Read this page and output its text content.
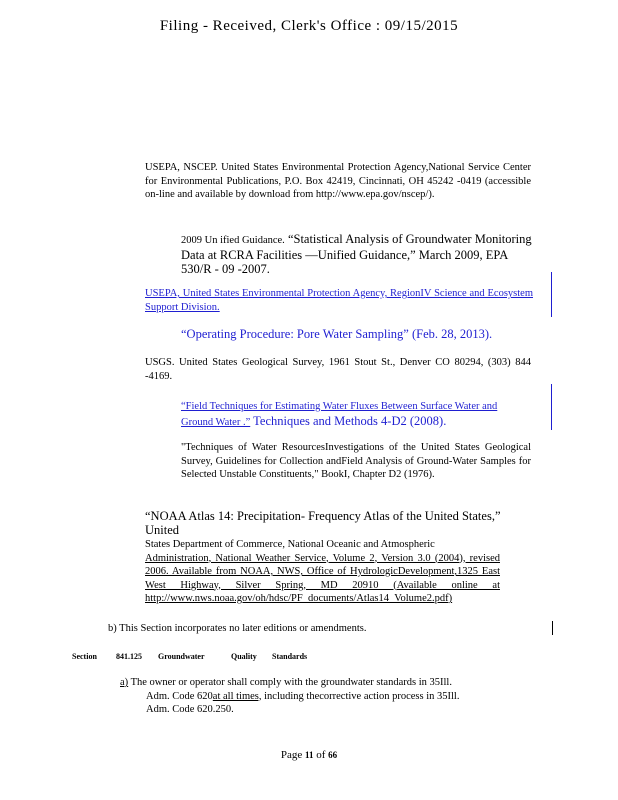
Filing - Received, Clerk's Office : 09/15/2015
USEPA, NSCEP. United States Environmental Protection Agency,National Service Center for Environmental Publications, P.O. Box 42419, Cincinnati, OH 45242 -0419 (accessible on-line and available by download from http://www.epa.gov/nscep/).
2009 Un ified Guidance. “Statistical Analysis of Groundwater Monitoring Data at RCRA Facilities —Unified Guidance,” March 2009, EPA 530/R - 09 -2007.
USEPA, United States Environmental Protection Agency, RegionIV Science and Ecosystem Support Division.
“Operating Procedure: Pore Water Sampling” (Feb. 28, 2013).
USGS. United States Geological Survey, 1961 Stout St., Denver CO 80294, (303) 844 -4169.
“Field Techniques for Estimating Water Fluxes Between Surface Water and Ground Water .” Techniques and Methods 4-D2 (2008).
"Techniques of Water ResourcesInvestigations of the United States Geological Survey, Guidelines for Collection andField Analysis of Ground-Water Samples for Selected Unstable Constituents," BookI, Chapter D2 (1976).
“NOAA Atlas 14: Precipitation- Frequency Atlas of the United States,” United
States Department of Commerce, National Oceanic and Atmospheric
Administration, National Weather Service, Volume 2, Version 3.0 (2004), revised 2006. Available from NOAA, NWS, Office of HydrologicDevelopment,1325 East West Highway, Silver Spring, MD 20910 (Available online at http://www.nws.noaa.gov/oh/hdsc/PF_documents/Atlas14_Volume2.pdf)
b) This Section incorporates no later editions or amendments.
Section 841.125 Groundwater	Quality Standards
a) The owner or operator shall comply with the groundwater standards in 35Ill.
Adm. Code 620at all times, including thecorrective action process in 35Ill.
Adm. Code 620.250.
Page 11 of 66
